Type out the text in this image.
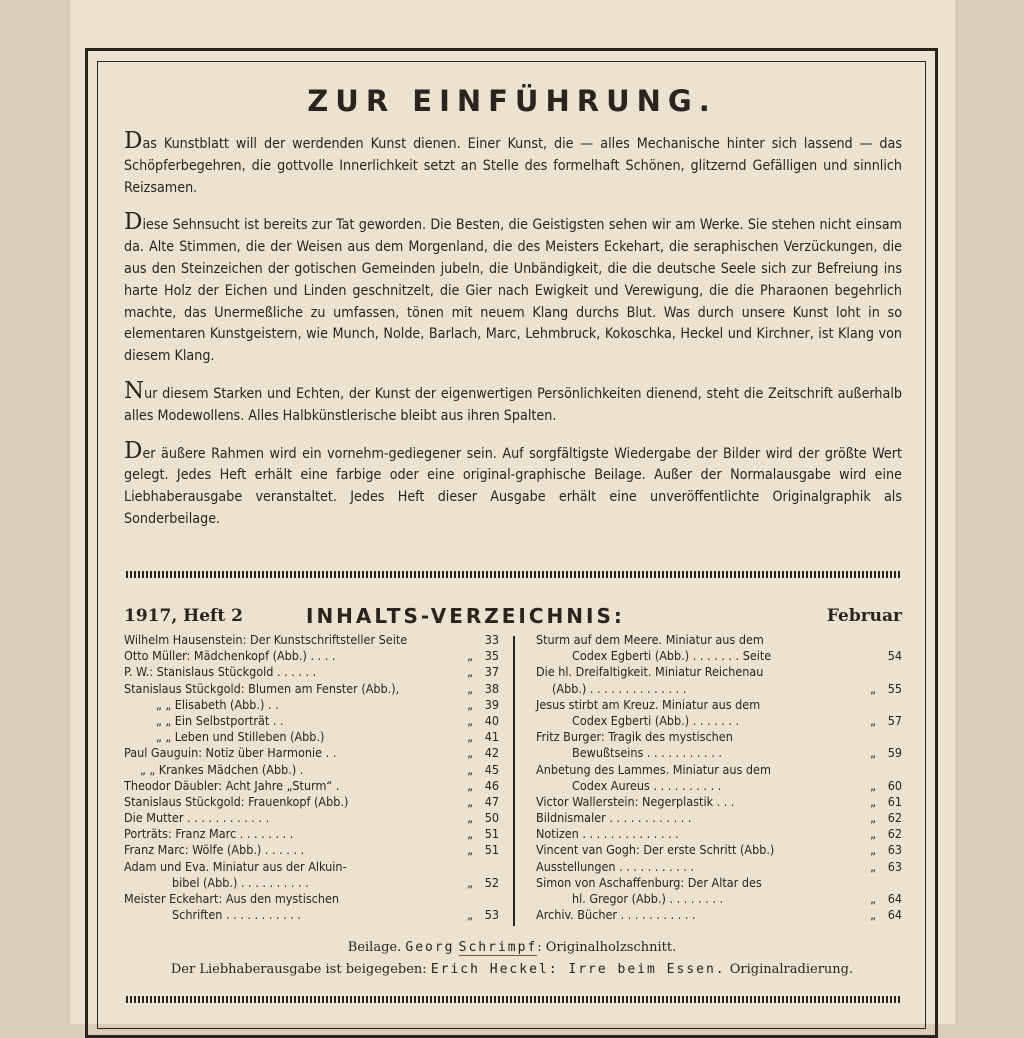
ZUR EINFÜHRUNG.

Das Kunstblatt will der werdenden Kunst dienen. Einer Kunst, die — alles Mechanische hinter sich lassend — das Schöpferbegehren, die gottvolle Innerlichkeit setzt an Stelle des formelhaft Schönen, glitzernd Gefälligen und sinnlich Reizsamen.

Diese Sehnsucht ist bereits zur Tat geworden. Die Besten, die Geistigsten sehen wir am Werke. Sie stehen nicht einsam da. Alte Stimmen, die der Weisen aus dem Morgenland, die des Meisters Eckehart, die seraphischen Verzückungen, die aus den Steinzeichen der gotischen Gemeinden jubeln, die Unbändigkeit, die die deutsche Seele sich zur Befreiung ins harte Holz der Eichen und Linden geschnitzelt, die Gier nach Ewigkeit und Verewigung, die die Pharaonen begehrlich machte, das Unermeßliche zu umfassen, tönen mit neuem Klang durchs Blut. Was durch unsere Kunst loht in so elementaren Kunstgeistern, wie Munch, Nolde, Barlach, Marc, Lehmbruck, Kokoschka, Heckel und Kirchner, ist Klang von diesem Klang.

Nur diesem Starken und Echten, der Kunst der eigenwertigen Persönlichkeiten dienend, steht die Zeitschrift außerhalb alles Modewollens. Alles Halbkünstlerische bleibt aus ihren Spalten.

Der äußere Rahmen wird ein vornehm-gediegener sein. Auf sorgfältigste Wiedergabe der Bilder wird der größte Wert gelegt. Jedes Heft erhält eine farbige oder eine original-graphische Beilage. Außer der Normalausgabe wird eine Liebhaberausgabe veranstaltet. Jedes Heft dieser Ausgabe erhält eine unveröffentlichte Originalgraphik als Sonderbeilage.

1917, Heft 2	INHALTS-VERZEICHNIS:	Februar
Wilhelm Hausenstein: Der Kunstschriftsteller Seite	33
Otto Müller: Mädchenkopf (Abb.) . . . .	„ 35
P. W.: Stanislaus Stückgold . . . . . .	„ 37
Stanislaus Stückgold: Blumen am Fenster (Abb.),	„ 38
„ „ Elisabeth (Abb.) . .	„ 39
„ „ Ein Selbstporträt . .	„ 40
„ „ Leben und Stilleben (Abb.)	„ 41
Paul Gauguin: Notiz über Harmonie . .	„ 42
„ „ Krankes Mädchen (Abb.) .	„ 45
Theodor Däubler: Acht Jahre „Sturm“ .	„ 46
Stanislaus Stückgold: Frauenkopf (Abb.)	„ 47
Die Mutter . . . . . . . . . . . .	„ 50
Porträts: Franz Marc . . . . . . . .	„ 51
Franz Marc: Wölfe (Abb.) . . . . . .	„ 51
Adam und Eva. Miniatur aus der Alkuin-
bibel (Abb.) . . . . . . . . . .	„ 52
Meister Eckehart: Aus den mystischen
Schriften . . . . . . . . . . .	„ 53
Sturm auf dem Meere. Miniatur aus dem
Codex Egberti (Abb.) . . . . . . . Seite	54
Die hl. Dreifaltigkeit. Miniatur Reichenau
(Abb.) . . . . . . . . . . . . . .	„ 55
Jesus stirbt am Kreuz. Miniatur aus dem
Codex Egberti (Abb.) . . . . . . .	„ 57
Fritz Burger: Tragik des mystischen
Bewußtseins . . . . . . . . . . .	„ 59
Anbetung des Lammes. Miniatur aus dem
Codex Aureus . . . . . . . . . .	„ 60
Victor Wallerstein: Negerplastik . . .	„ 61
Bildnismaler . . . . . . . . . . . .	„ 62
Notizen . . . . . . . . . . . . . .	„ 62
Vincent van Gogh: Der erste Schritt (Abb.)	„ 63
Ausstellungen . . . . . . . . . . .	„ 63
Simon von Aschaffenburg: Der Altar des
hl. Gregor (Abb.) . . . . . . . .	„ 64
Archiv. Bücher . . . . . . . . . . .	„ 64
Beilage. Georg Schrimpf: Originalholzschnitt.
Der Liebhaberausgabe ist beigegeben: Erich Heckel: Irre beim Essen. Originalradierung.
